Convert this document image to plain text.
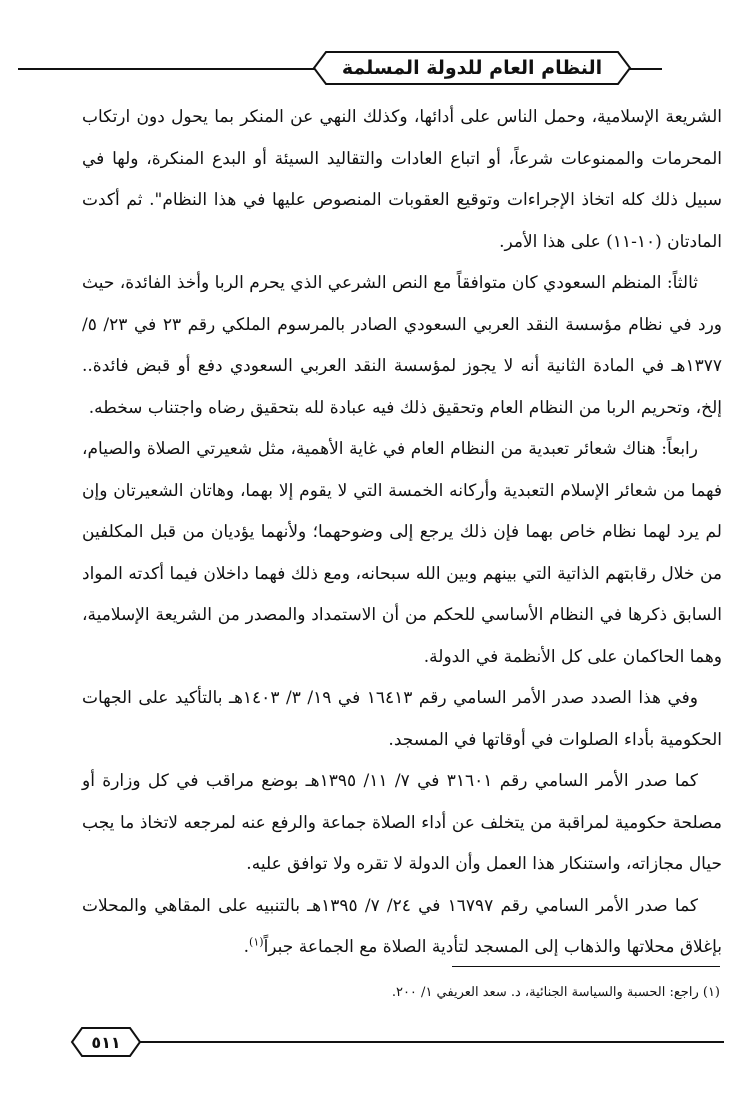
النظام العام للدولة المسلمة

الشريعة الإسلامية، وحمل الناس على أدائها، وكذلك النهي عن المنكر بما يحول دون ارتكاب المحرمات والممنوعات شرعاً، أو اتباع العادات والتقاليد السيئة أو البدع المنكرة، ولها في سبيل ذلك كله اتخاذ الإجراءات وتوقيع العقوبات المنصوص عليها في هذا النظام". ثم أكدت المادتان (١٠-١١) على هذا الأمر.

ثالثاً: المنظم السعودي كان متوافقاً مع النص الشرعي الذي يحرم الربا وأخذ الفائدة، حيث ورد في نظام مؤسسة النقد العربي السعودي الصادر بالمرسوم الملكي رقم ٢٣ في ٢٣/ ٥/ ١٣٧٧هـ في المادة الثانية أنه لا يجوز لمؤسسة النقد العربي السعودي دفع أو قبض فائدة.. إلخ، وتحريم الربا من النظام العام وتحقيق ذلك فيه عبادة لله بتحقيق رضاه واجتناب سخطه.

رابعاً: هناك شعائر تعبدية من النظام العام في غاية الأهمية، مثل شعيرتي الصلاة والصيام، فهما من شعائر الإسلام التعبدية وأركانه الخمسة التي لا يقوم إلا بهما، وهاتان الشعيرتان وإن لم يرد لهما نظام خاص بهما فإن ذلك يرجع إلى وضوحهما؛ ولأنهما يؤديان من قبل المكلفين من خلال رقابتهم الذاتية التي بينهم وبين الله سبحانه، ومع ذلك فهما داخلان فيما أكدته المواد السابق ذكرها في النظام الأساسي للحكم من أن الاستمداد والمصدر من الشريعة الإسلامية، وهما الحاكمان على كل الأنظمة في الدولة.

وفي هذا الصدد صدر الأمر السامي رقم ١٦٤١٣ في ١٩/ ٣/ ١٤٠٣هـ بالتأكيد على الجهات الحكومية بأداء الصلوات في أوقاتها في المسجد.

كما صدر الأمر السامي رقم ٣١٦٠١ في ٧/ ١١/ ١٣٩٥هـ بوضع مراقب في كل وزارة أو مصلحة حكومية لمراقبة من يتخلف عن أداء الصلاة جماعة والرفع عنه لمرجعه لاتخاذ ما يجب حيال مجازاته، واستنكار هذا العمل وأن الدولة لا تقره ولا توافق عليه.

كما صدر الأمر السامي رقم ١٦٧٩٧ في ٢٤/ ٧/ ١٣٩٥هـ بالتنبيه على المقاهي والمحلات بإغلاق محلاتها والذهاب إلى المسجد لتأدية الصلاة مع الجماعة جبراً$^{(١)}$.

(١) راجع: الحسبة والسياسة الجنائية، د. سعد العريفي ١/ ٢٠٠.
٥١١
